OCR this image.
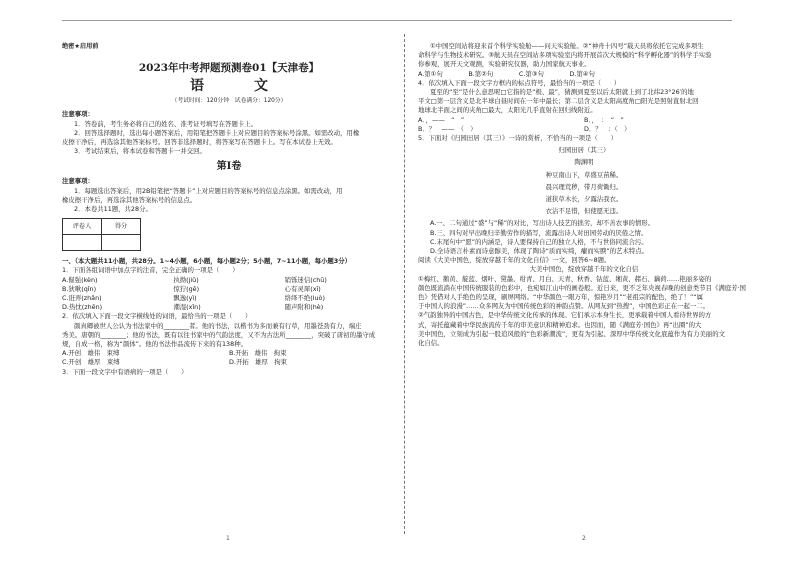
绝密★启用前
2023年中考押题预测卷01【天津卷】
语　文
（考试时间：120分钟　试卷满分：120分）
注意事项：
1．答卷前，考生务必将自己的姓名、准考证号填写在答题卡上。
2．回答选择题时，选出每小题答案后，用铅笔把答题卡上对应题目的答案标号涂黑。如需改动，用橡
皮擦干净后，再选涂其他答案标号。回答非选择题时，将答案写在答题卡上。写在本试卷上无效。
3．考试结束后，将本试卷和答题卡一并交回。
第Ⅰ卷
注意事项：
1．每题选出答案后，用2B铅笔把“答题卡”上对应题目的答案标号的信息点涂黑。如需改动，用
橡皮擦干净后，再选涂其他答案标号的信息点。
2．本卷共11题，共28分。
评卷人	得分

一、（本大题共11小题，共28分。1~4小题，6小题，每小题2分；5小题，7~11小题，每小题3分）
1．下面各组词语中加点字的注音，完全正确的一项是（　　）
A.倔强(kèn)	执拗(jiǔ)	销铄迷信(chū)
B.狄啾(qǐn)	惊狞(gē)	心有灵犀(xī)
C.诳弄(zhǎn)	飘逸(yì)	络绎不绝(luò)
D.热忱(zhēn)	潮湿(xǐn)	随声附和(hè)
2．依次填入下面一段文字横线处的词语，最恰当的一项是（　　）
颜真卿被世人公认为书法家中的________者。他的书法，以楷书为多而兼有行草，用墨苍劲有力，端庄
秀美。唐朝的________；他的书法，既有以往书家中的气韵法度，又不为古法所________，突破了唐初的墨守成
规，自成一格，称为“颜体”。他的书法作品流传下来的有138种。
A.开创　雄伟　束缚	B.开拓　雄伟　拘束
C.开创　雄厚　束缚	D.开拓　雄厚　拘束
3．下面一段文字中有语病的一项是（　　）
①中国空间站将迎来首个科学实验舱——问天实验舱。②“神舟十四号”载天员将依托它完成多项生
命科学与生物技术研究。③航天员在空间站多项实验室内将开展首次大规模的“科学孵化器”的科学手实验
你参观，展开天文观测，实验研究仪器，助力国家航天事业。
A.第①句　　　　B.第②句　　　　C.第③句　　　　D.第④句
4．依次填入下面一段文字方框内的标点符号，最恰当的一项是（　　）
夏至的“至”是什么意思呢□它指的是“极、最”，猜测到夏至以后太阳就上到了北纬23°26′的地
平文□第一层含义是北半球白昼时间在一年中最长；第二层含义是太阳高度角□阳光是照射直射北回
地球北半面之间的夹角□最大，太阳光几乎直射在回归线附近。
A．，——　“　”	B．，　：　“　”
B．？　——　（　）	D．？　：（　）
5．下面对《归园田居（其三）》一诗的赏析，不恰当的一项是（　　）
归园田居（其三）
陶渊明
种豆南山下，草盛豆苗稀。
晨兴理荒秽，带月荷锄归。
道狭草木长，夕露沾我衣。
衣沾不足惜，但使愿无违。
A.一、二句通过“盛”与“稀”的对比，写出诗人技艺的拙劣，却不善农事的情形。
B.三、四句对早出晚归辛勤劳作的描写，流露出诗人对田园劳动的厌倦之情。
C.末尾句中“愿”的内涵是，诗人要保持自己的独立人格，不与世俗同流合污。
D.全诗语言朴素而诗意醇美，体现了陶诗“质而实绮，癯而实腴”的艺术特点。
阅读《大美中国色，绽放穿越千年的文化自信》一文，回答6~8题。
大美中国色，绽放穿越千年的文化自信
①梅红、鹅黄、靛蓝、烟叶、黛墨、绀青、月白、天青、秋香、钴蓝、缃黄、赭石、藕荷……艳丽多姿的
颜色既流淌在中国传统服装的色彩中，也宛如江山中的画卷般。近日来，更不乏年央视春晚的创意类节目《满庭芳·国
色》凭借对人手绝色的呈现，刷屏网络。“中华颜色一眼万年，惊艳岁月”“老祖宗的配色，绝了！”“属
于中国人的浪漫”……众多网友为中国传统色彩的神韵点赞。从网友到“热搜”，中国色彩正在一起一二。
②气韵独异的中国古色，是中华传统文化传承的体现。它们承示本身生长，更承载着中国人看待世界的方
式，寄托蕴藏着中华民族流传千年的审美意识和精神追求。也因而，随《满庭芳·国色》再“出圈”的大
美中国色，立刻成为引起一股追风般的“色彩新潮流”，更有为引起、深厚中华传统文化底蕴作为有力美丽的文
化自信。
1	2
